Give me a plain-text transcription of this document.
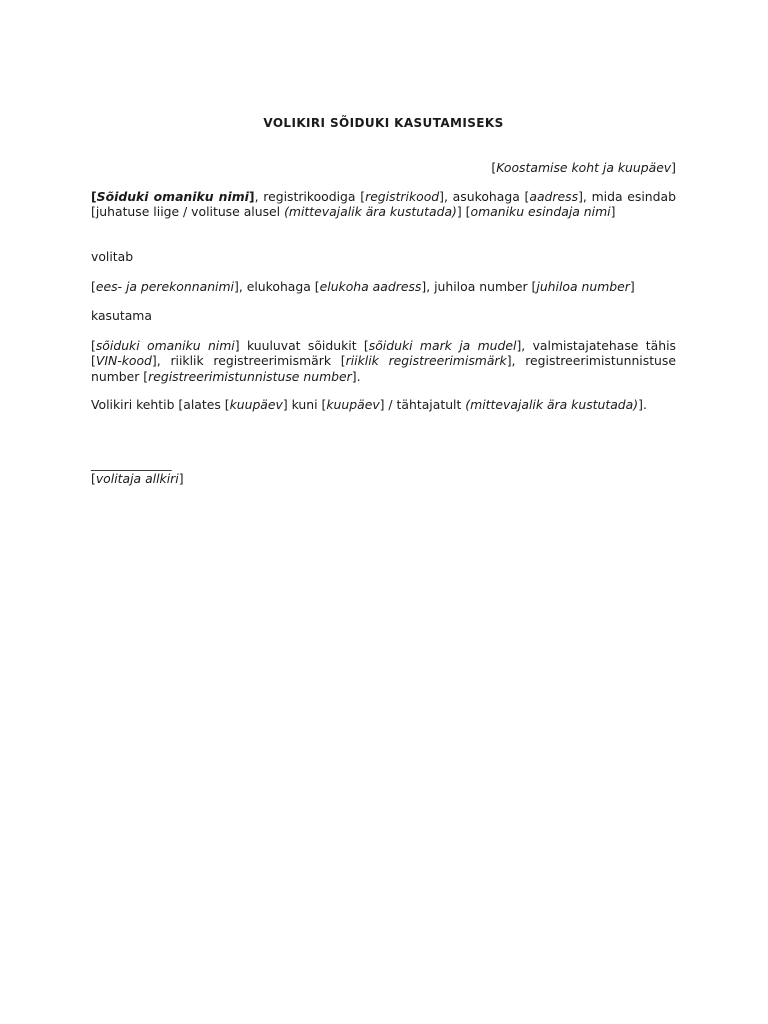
VOLIKIRI SÕIDUKI KASUTAMISEKS
[Koostamise koht ja kuupäev]
[Sõiduki omaniku nimi], registrikoodiga [registrikood], asukohaga [aadress], mida esindab [juhatuse liige / volituse alusel (mittevajalik ära kustutada)] [omaniku esindaja nimi]
volitab
[ees- ja perekonnanimi], elukohaga [elukoha aadress], juhiloa number [juhiloa number]
kasutama
[sõiduki omaniku nimi] kuuluvat sõidukit [sõiduki mark ja mudel], valmistajatehase tähis [VIN-kood], riiklik registreerimismärk [riiklik registreerimismärk], registreerimistunnistuse number [registreerimistunnistuse number].
Volikiri kehtib [alates [kuupäev] kuni [kuupäev] / tähtajatult (mittevajalik ära kustutada)].
_____________
[volitaja allkiri]
